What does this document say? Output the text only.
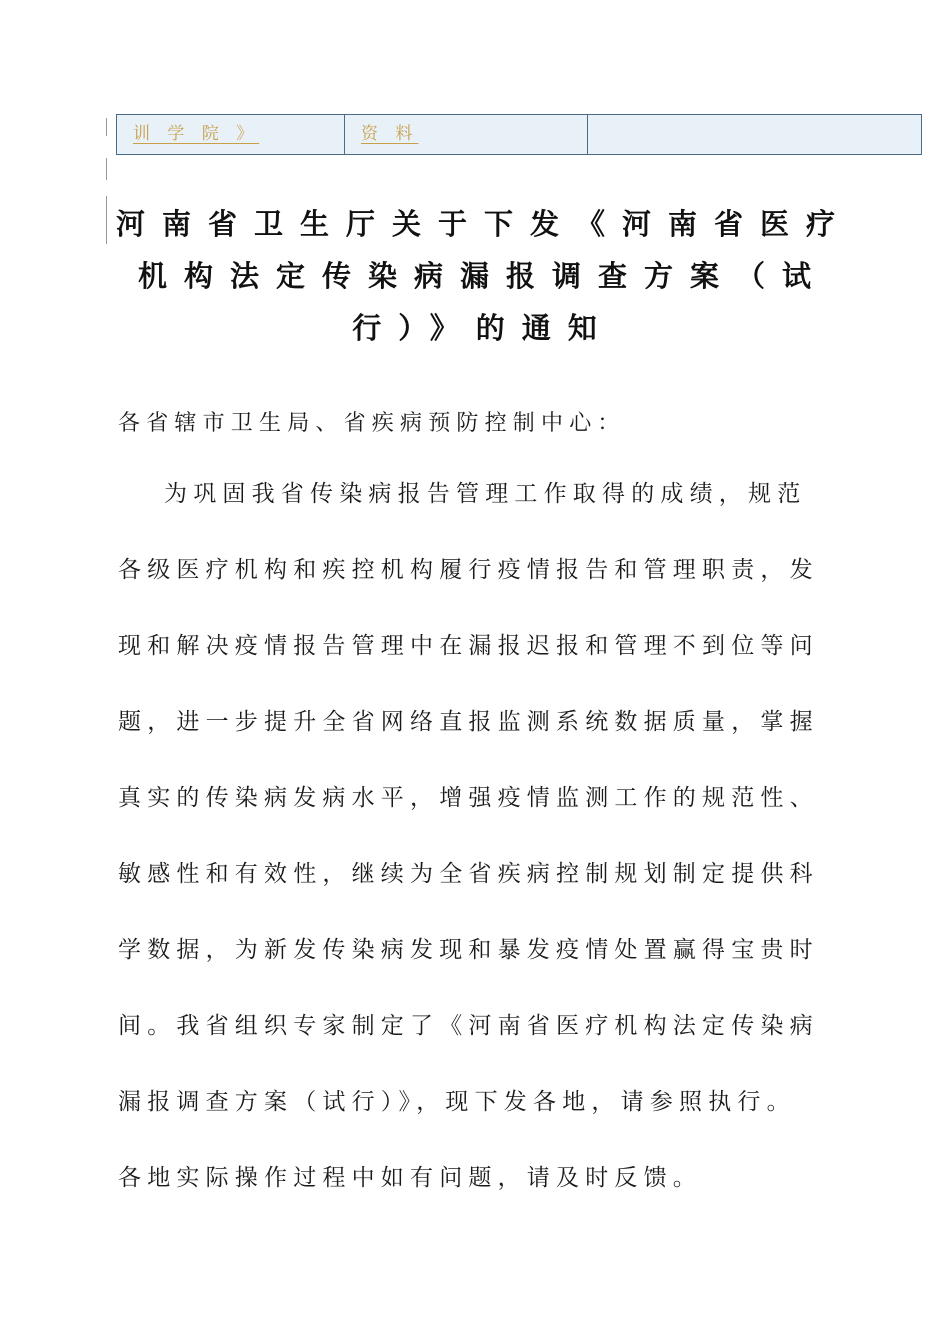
训 学 院 》	资 料
河南省卫生厅关于下发《河南省医疗
机构法定传染病漏报调查方案（试
行）》的通知

各省辖市卫生局、省疾病预防控制中心：

为巩固我省传染病报告管理工作取得的成绩，规范
各级医疗机构和疾控机构履行疫情报告和管理职责，发
现和解决疫情报告管理中在漏报迟报和管理不到位等问
题，进一步提升全省网络直报监测系统数据质量，掌握
真实的传染病发病水平，增强疫情监测工作的规范性、
敏感性和有效性，继续为全省疾病控制规划制定提供科
学数据，为新发传染病发现和暴发疫情处置赢得宝贵时
间。我省组织专家制定了《河南省医疗机构法定传染病
漏报调查方案（试行）》，现下发各地，请参照执行。
各地实际操作过程中如有问题，请及时反馈。
